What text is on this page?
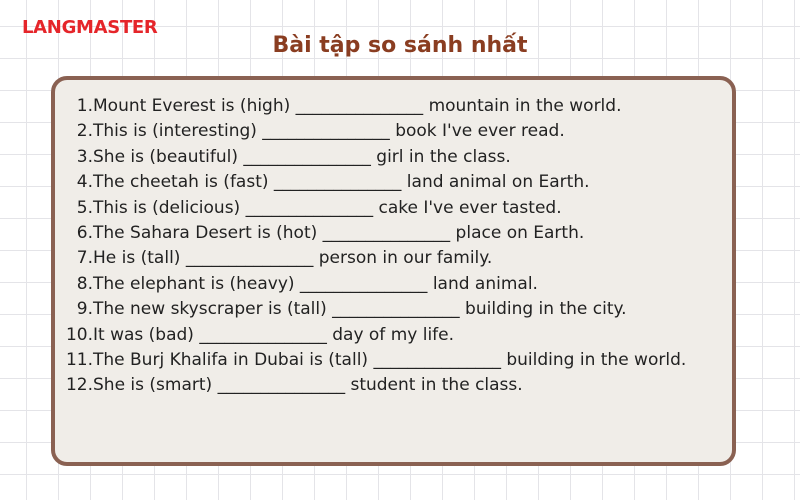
LANGMASTER
Bài tập so sánh nhất
1. Mount Everest is (high) _______________ mountain in the world.
2. This is (interesting) _______________ book I've ever read.
3. She is (beautiful) _______________ girl in the class.
4. The cheetah is (fast) _______________ land animal on Earth.
5. This is (delicious) _______________ cake I've ever tasted.
6. The Sahara Desert is (hot) _______________ place on Earth.
7. He is (tall) _______________ person in our family.
8. The elephant is (heavy) _______________ land animal.
9. The new skyscraper is (tall) _______________ building in the city.
10. It was (bad) _______________ day of my life.
11. The Burj Khalifa in Dubai is (tall) _______________ building in the world.
12. She is (smart) _______________ student in the class.
